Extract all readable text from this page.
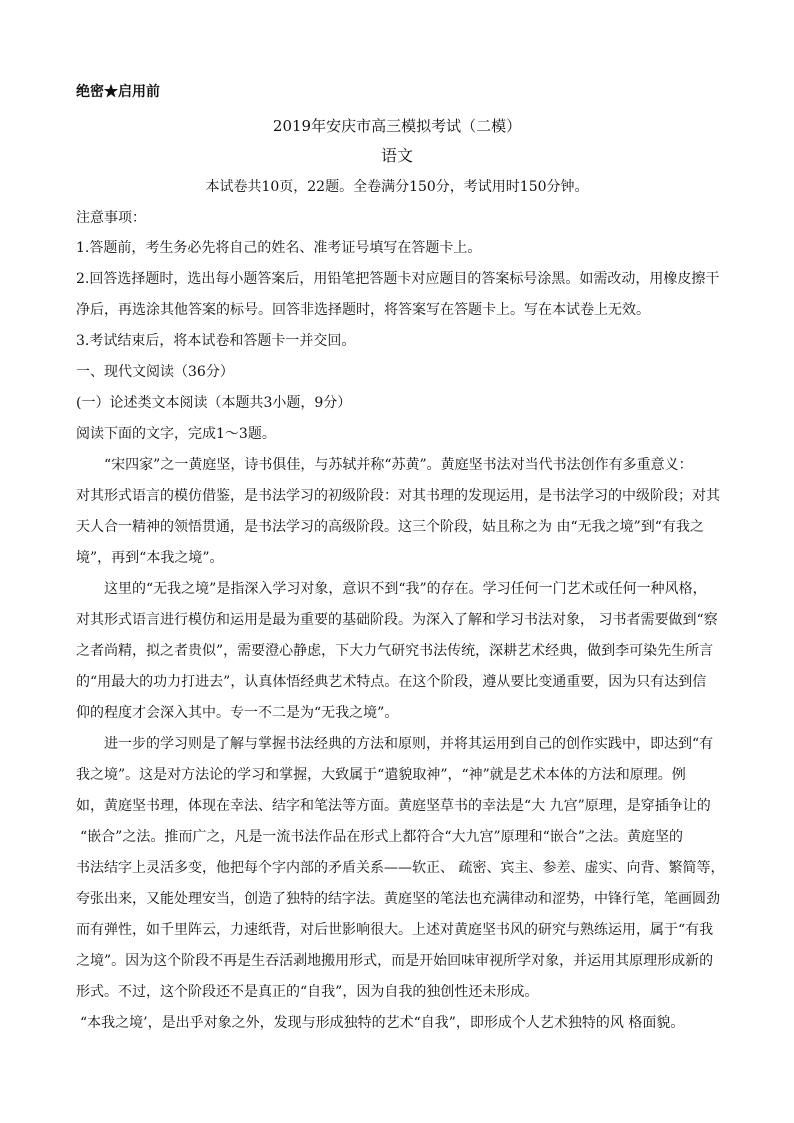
绝密★启用前
2019年安庆市高三模拟考试（二模）
语文
本试卷共10页，22题。全卷满分150分，考试用时150分钟。
注意事项：
1.答题前，考生务必先将自己的姓名、准考证号填写在答题卡上。
2.回答选择题时，选出每小题答案后，用铅笔把答题卡对应题目的答案标号涂黑。如需改动，用橡皮擦干
净后，再选涂其他答案的标号。回答非选择题时，将答案写在答题卡上。写在本试卷上无效。
3.考试结束后，将本试卷和答题卡一并交回。
一、现代文阅读（36分）
(一）论述类文本阅读（本题共3小题，9分）
阅读下面的文字，完成1～3题。
“宋四家”之一黄庭坚，诗书俱佳，与苏轼并称“苏黄”。黄庭坚书法对当代书法创作有多重意义：
对其形式语言的模仿借鉴，是书法学习的初级阶段：对其书理的发现运用，是书法学习的中级阶段；对其
天人合一精神的领悟贯通，是书法学习的高级阶段。这三个阶段，姑且称之为 由“无我之境”到“有我之
境”，再到“本我之境”。
这里的“无我之境”是指深入学习对象，意识不到“我”的存在。学习任何一门艺术或任何一种风格，
对其形式语言进行模仿和运用是最为重要的基础阶段。为深入了解和学习书法对象， 习书者需要做到“察
之者尚精，拟之者贵似”，需要澄心静虑，下大力气研究书法传统，深耕艺术经典，做到李可染先生所言
的“用最大的功力打进去”，认真体悟经典艺术特点。在这个阶段，遵从要比变通重要，因为只有达到信
仰的程度才会深入其中。专一不二是为“无我之境”。
进一步的学习则是了解与掌握书法经典的方法和原则，并将其运用到自己的创作实践中，即达到“有
我之境”。这是对方法论的学习和掌握，大致属于“遣貌取神”，“神”就是艺术本体的方法和原理。例
如，黄庭坚书理，体现在幸法、结字和笔法等方面。黄庭坚草书的幸法是“大 九宫”原理，是穿插争让的
“嵌合”之法。推而广之，凡是一流书法作品在形式上都符合“大九宫”原理和“嵌合”之法。黄庭坚的
书法结字上灵活多变，他把每个字内部的矛盾关系——软正、 疏密、宾主、参差、虚实、向背、繁简等，
夸张出来，又能处理安当，创造了独特的结字法。黄庭坚的笔法也充满律动和涩势，中锋行笔，笔画圆劲
而有弹性，如千里阵云，力速纸背，对后世影响很大。上述对黄庭坚书风的研究与熟练运用，属于“有我
之境”。因为这个阶段不再是生吞活剥地搬用形式，而是开始回味审视所学对象，并运用其原理形成新的
形式。不过，这个阶段还不是真正的“自我”，因为自我的独创性还未形成。
“本我之境’，是出乎对象之外，发现与形成独特的艺术“自我”，即形成个人艺术独特的风 格面貌。
